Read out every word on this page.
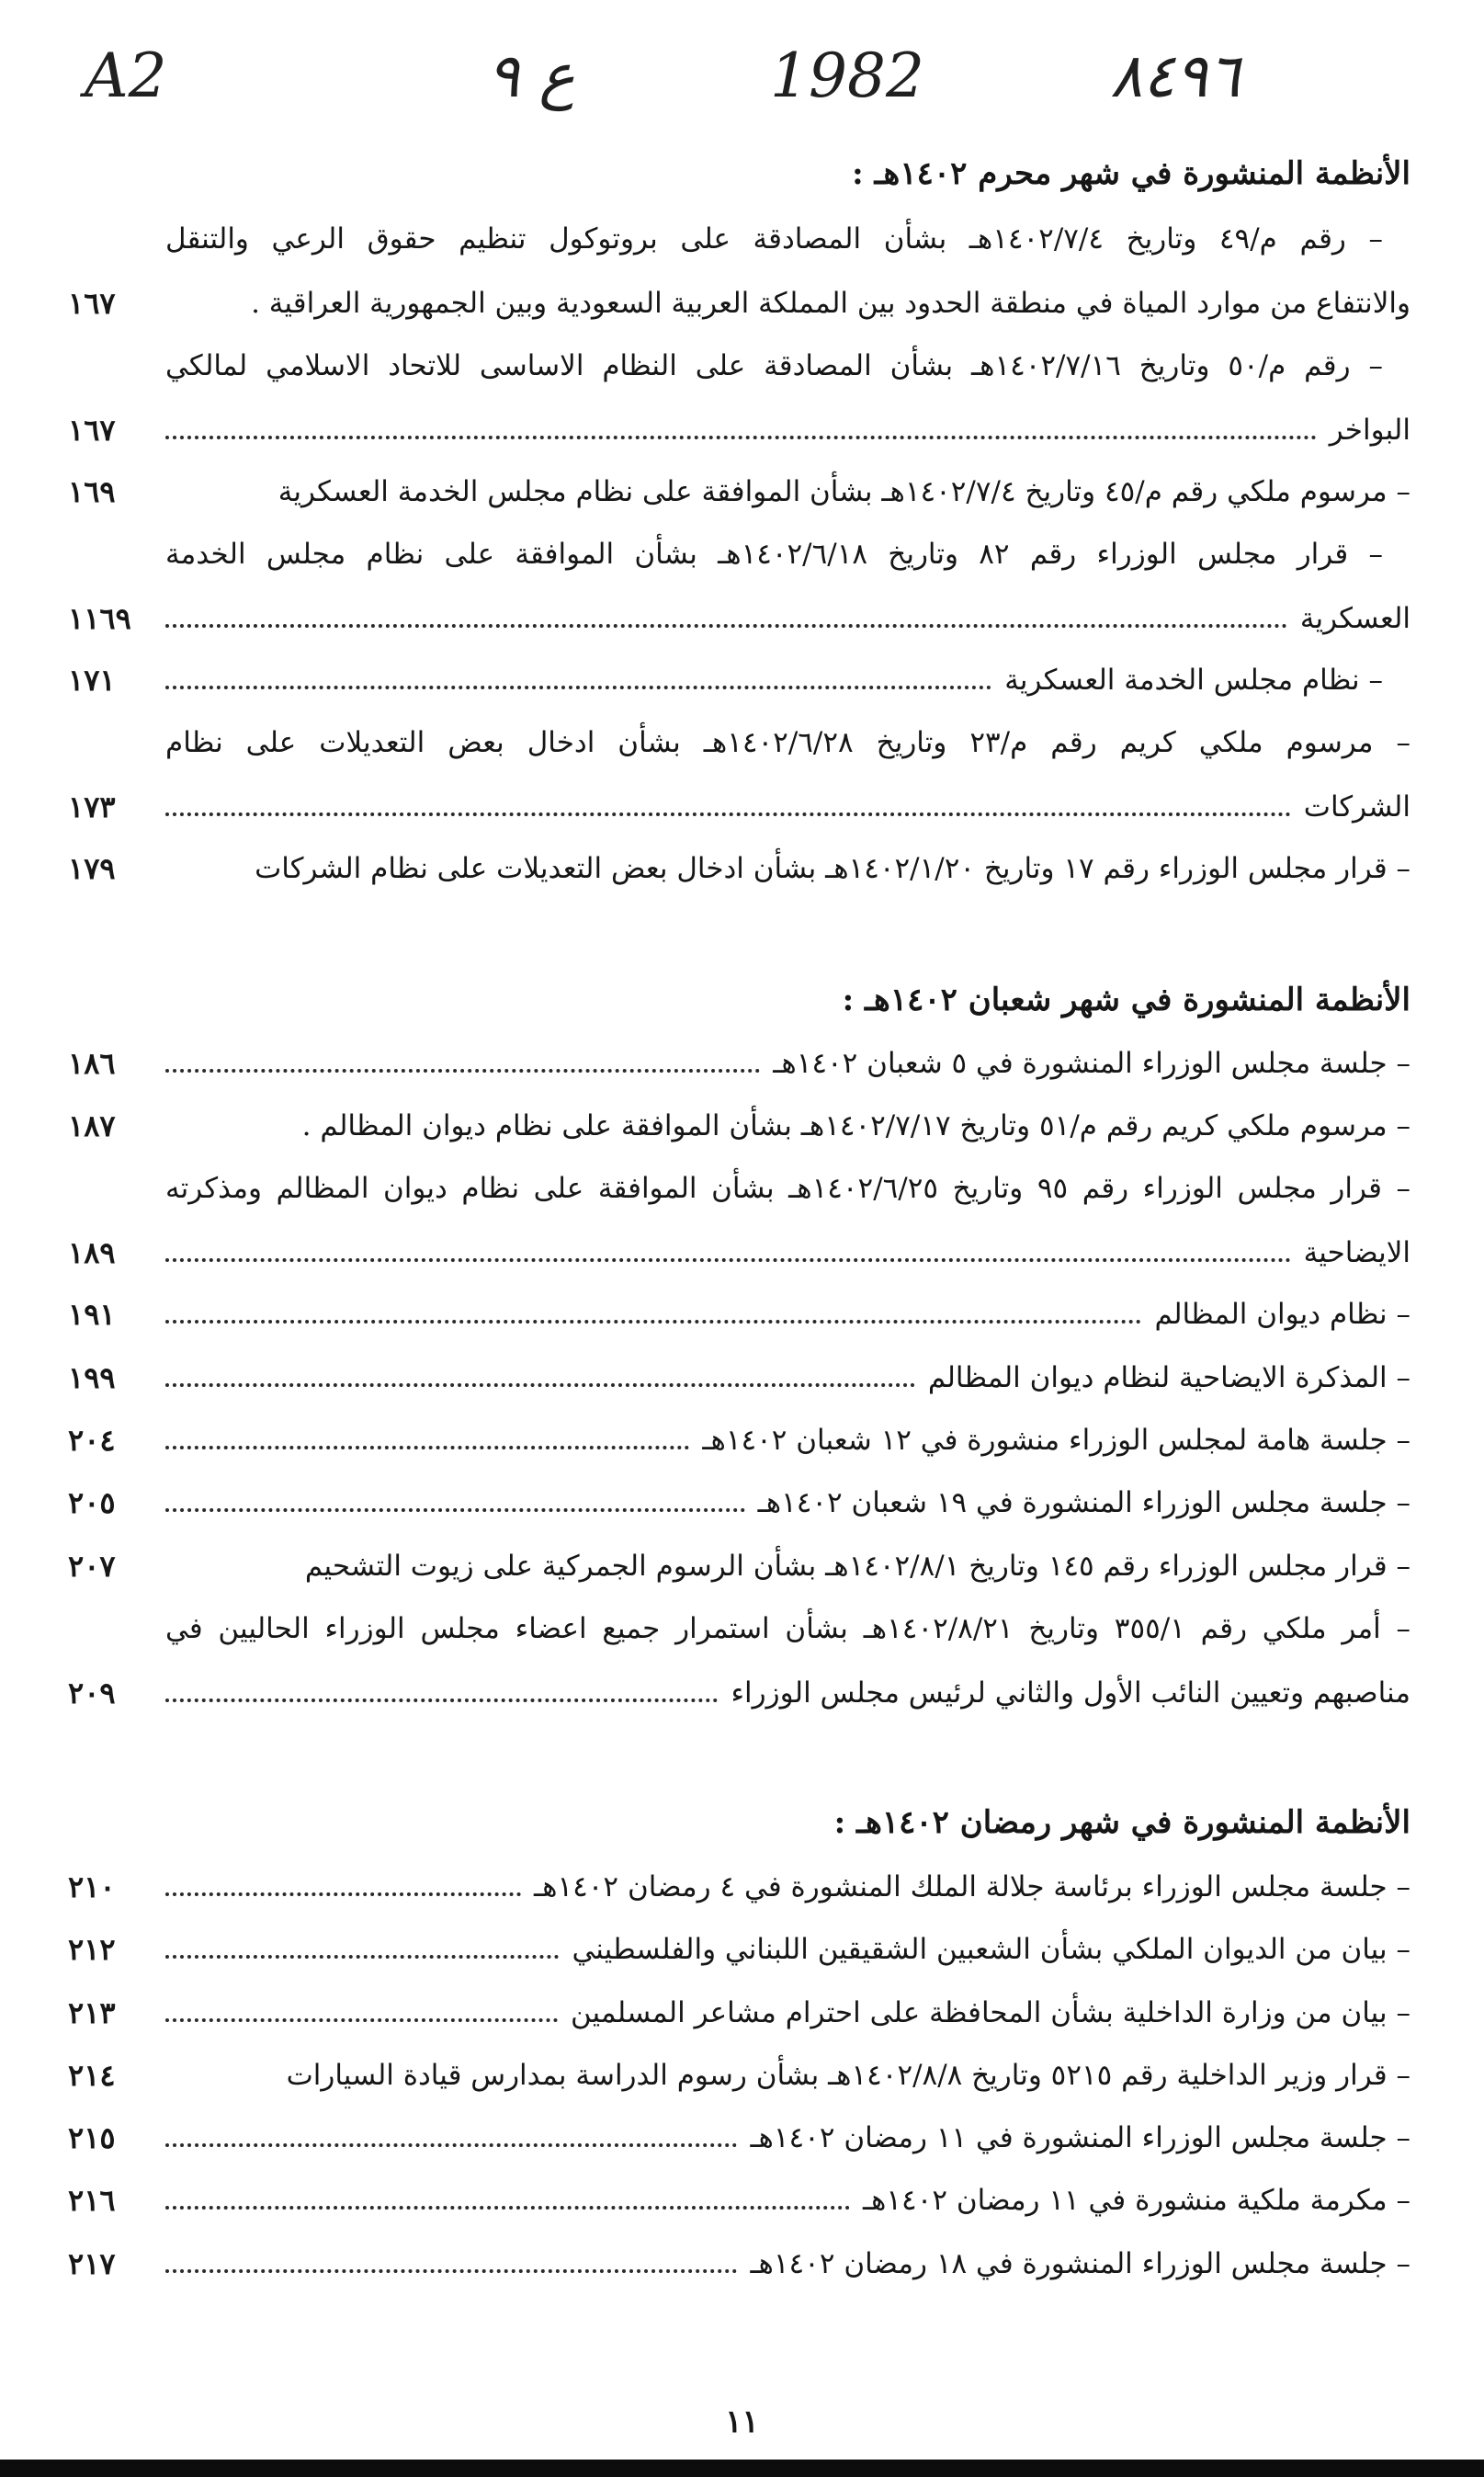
A2	ع ٩	1982	٨٤٩٦
الأنظمة المنشورة في شهر محرم ١٤٠٢هـ :
– رقم م/٤٩ وتاريخ ١٤٠٢/٧/٤هـ بشأن المصادقة على بروتوكول تنظيم حقوق الرعي والتنقل
والانتفاع من موارد المياة في منطقة الحدود بين المملكة العربية السعودية وبين الجمهورية العراقية .
١٦٧
– رقم م/٥٠ وتاريخ ١٤٠٢/٧/١٦هـ بشأن المصادقة على النظام الاساسى للاتحاد الاسلامي لمالكي
البواخر
١٦٧
– مرسوم ملكي رقم م/٤٥ وتاريخ ١٤٠٢/٧/٤هـ بشأن الموافقة على نظام مجلس الخدمة العسكرية
١٦٩
– قرار مجلس الوزراء رقم ٨٢ وتاريخ ١٤٠٢/٦/١٨هـ بشأن الموافقة على نظام مجلس الخدمة
العسكرية
١١٦٩
– نظام مجلس الخدمة العسكرية
١٧١
– مرسوم ملكي كريم رقم م/٢٣ وتاريخ ١٤٠٢/٦/٢٨هـ بشأن ادخال بعض التعديلات على نظام
الشركات
١٧٣
– قرار مجلس الوزراء رقم ١٧ وتاريخ ١٤٠٢/١/٢٠هـ بشأن ادخال بعض التعديلات على نظام الشركات
١٧٩
الأنظمة المنشورة في شهر شعبان ١٤٠٢هـ :
– جلسة مجلس الوزراء المنشورة في ٥ شعبان ١٤٠٢هـ
١٨٦
– مرسوم ملكي كريم رقم م/٥١ وتاريخ ١٤٠٢/٧/١٧هـ بشأن الموافقة على نظام ديوان المظالم .
١٨٧
– قرار مجلس الوزراء رقم ٩٥ وتاريخ ١٤٠٢/٦/٢٥هـ بشأن الموافقة على نظام ديوان المظالم ومذكرته
الايضاحية
١٨٩
– نظام ديوان المظالم
١٩١
– المذكرة الايضاحية لنظام ديوان المظالم
١٩٩
– جلسة هامة لمجلس الوزراء منشورة في ١٢ شعبان ١٤٠٢هـ
٢٠٤
– جلسة مجلس الوزراء المنشورة في ١٩ شعبان ١٤٠٢هـ
٢٠٥
– قرار مجلس الوزراء رقم ١٤٥ وتاريخ ١٤٠٢/٨/١هـ بشأن الرسوم الجمركية على زيوت التشحيم
٢٠٧
– أمر ملكي رقم ٣٥٥/١ وتاريخ ١٤٠٢/٨/٢١هـ بشأن استمرار جميع اعضاء مجلس الوزراء الحاليين في
مناصبهم وتعيين النائب الأول والثاني لرئيس مجلس الوزراء
٢٠٩
الأنظمة المنشورة في شهر رمضان ١٤٠٢هـ :
– جلسة مجلس الوزراء برئاسة جلالة الملك المنشورة في ٤ رمضان ١٤٠٢هـ
٢١٠
– بيان من الديوان الملكي بشأن الشعبين الشقيقين اللبناني والفلسطيني
٢١٢
– بيان من وزارة الداخلية بشأن المحافظة على احترام مشاعر المسلمين
٢١٣
– قرار وزير الداخلية رقم ٥٢١٥ وتاريخ ١٤٠٢/٨/٨هـ بشأن رسوم الدراسة بمدارس قيادة السيارات
٢١٤
– جلسة مجلس الوزراء المنشورة في ١١ رمضان ١٤٠٢هـ
٢١٥
– مكرمة ملكية منشورة في ١١ رمضان ١٤٠٢هـ
٢١٦
– جلسة مجلس الوزراء المنشورة في ١٨ رمضان ١٤٠٢هـ
٢١٧
١١
